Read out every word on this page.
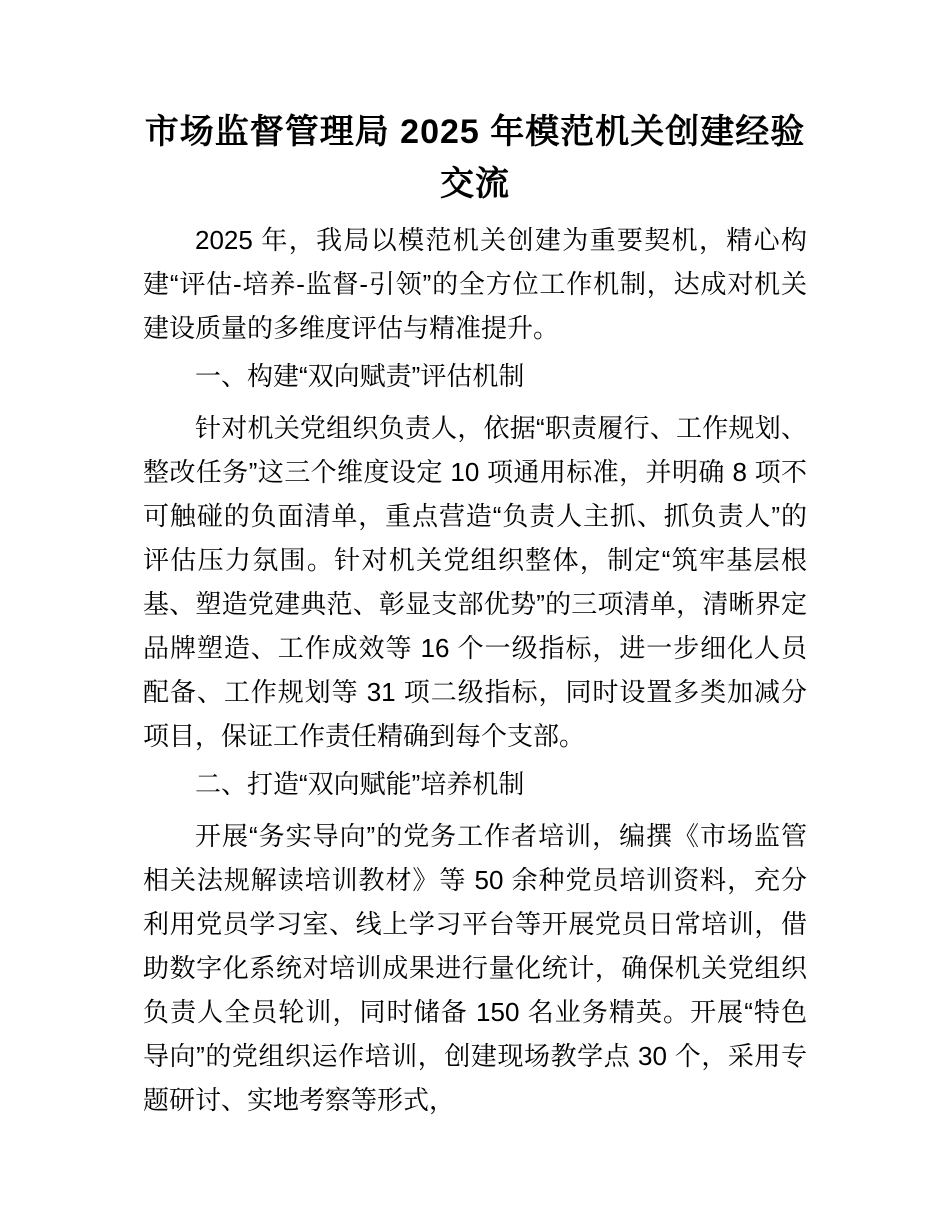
市场监督管理局 2025 年模范机关创建经验交流

2025 年，我局以模范机关创建为重要契机，精心构建“评估-培养-监督-引领”的全方位工作机制，达成对机关建设质量的多维度评估与精准提升。

一、构建“双向赋责”评估机制

针对机关党组织负责人，依据“职责履行、工作规划、整改任务”这三个维度设定 10 项通用标准，并明确 8 项不可触碰的负面清单，重点营造“负责人主抓、抓负责人”的评估压力氛围。针对机关党组织整体，制定“筑牢基层根基、塑造党建典范、彰显支部优势”的三项清单，清晰界定品牌塑造、工作成效等 16 个一级指标，进一步细化人员配备、工作规划等 31 项二级指标，同时设置多类加减分项目，保证工作责任精确到每个支部。

二、打造“双向赋能”培养机制

开展“务实导向”的党务工作者培训，编撰《市场监管相关法规解读培训教材》等 50 余种党员培训资料，充分利用党员学习室、线上学习平台等开展党员日常培训，借助数字化系统对培训成果进行量化统计，确保机关党组织负责人全员轮训，同时储备 150 名业务精英。开展“特色导向”的党组织运作培训，创建现场教学点 30 个，采用专题研讨、实地考察等形式，
